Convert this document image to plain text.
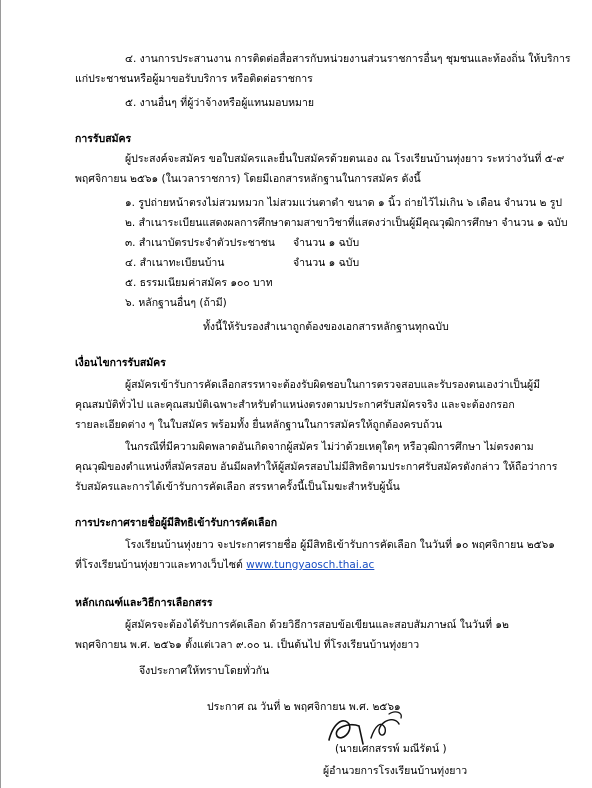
๔. งานการประสานงาน การติดต่อสื่อสารกับหน่วยงานส่วนราชการอื่นๆ ชุมชนและท้องถิ่น ให้บริการ
แก่ประชาชนหรือผู้มาขอรับบริการ หรือติดต่อราชการ
๕. งานอื่นๆ ที่ผู้ว่าจ้างหรือผู้แทนมอบหมาย
การรับสมัคร
ผู้ประสงค์จะสมัคร ขอใบสมัครและยื่นใบสมัครด้วยตนเอง ณ โรงเรียนบ้านทุ่งยาว ระหว่างวันที่ ๕-๙
พฤศจิกายน ๒๕๖๑ (ในเวลาราชการ) โดยมีเอกสารหลักฐานในการสมัคร ดังนี้
๑. รูปถ่ายหน้าตรงไม่สวมหมวก ไม่สวมแว่นตาดำ ขนาด ๑ นิ้ว ถ่ายไว้ไม่เกิน ๖ เดือน จำนวน ๒ รูป
๒. สำเนาระเบียนแสดงผลการศึกษาตามสาขาวิชาที่แสดงว่าเป็นผู้มีคุณวุฒิการศึกษา จำนวน ๑ ฉบับ
๓. สำเนาบัตรประจำตัวประชาชน จำนวน ๑ ฉบับ
๔. สำเนาทะเบียนบ้าน	จำนวน ๑ ฉบับ
๕. ธรรมเนียมค่าสมัคร ๑๐๐ บาท
๖. หลักฐานอื่นๆ (ถ้ามี)
ทั้งนี้ให้รับรองสำเนาถูกต้องของเอกสารหลักฐานทุกฉบับ
เงื่อนไขการรับสมัคร
ผู้สมัครเข้ารับการคัดเลือกสรรหาจะต้องรับผิดชอบในการตรวจสอบและรับรองตนเองว่าเป็นผู้มี
คุณสมบัติทั่วไป และคุณสมบัติเฉพาะสำหรับตำแหน่งตรงตามประกาศรับสมัครจริง และจะต้องกรอก
รายละเอียดต่าง ๆ ในใบสมัคร พร้อมทั้ง ยื่นหลักฐานในการสมัครให้ถูกต้องครบถ้วน
ในกรณีที่มีความผิดพลาดอันเกิดจากผู้สมัคร ไม่ว่าด้วยเหตุใดๆ หรือวุฒิการศึกษา ไม่ตรงตาม
คุณวุฒิของตำแหน่งที่สมัครสอบ อันมีผลทำให้ผู้สมัครสอบไม่มีสิทธิตามประกาศรับสมัครดังกล่าว ให้ถือว่าการ
รับสมัครและการได้เข้ารับการคัดเลือก สรรหาครั้งนี้เป็นโมฆะสำหรับผู้นั้น
การประกาศรายชื่อผู้มีสิทธิเข้ารับการคัดเลือก
โรงเรียนบ้านทุ่งยาว จะประกาศรายชื่อ ผู้มีสิทธิเข้ารับการคัดเลือก ในวันที่ ๑๐ พฤศจิกายน ๒๕๖๑
ที่โรงเรียนบ้านทุ่งยาวและทางเว็บไซต์ www.tungyaosch.thai.ac
หลักเกณฑ์และวิธีการเลือกสรร
ผู้สมัครจะต้องได้รับการคัดเลือก ด้วยวิธีการสอบข้อเขียนและสอบสัมภาษณ์ ในวันที่ ๑๒
พฤศจิกายน พ.ศ. ๒๕๖๑ ตั้งแต่เวลา ๙.๐๐ น. เป็นต้นไป ที่โรงเรียนบ้านทุ่งยาว
จึงประกาศให้ทราบโดยทั่วกัน
ประกาศ ณ วันที่ ๒ พฤศจิกายน พ.ศ. ๒๕๖๑
(นายเศกสรรพ์ มณีรัตน์ )
ผู้อำนวยการโรงเรียนบ้านทุ่งยาว
